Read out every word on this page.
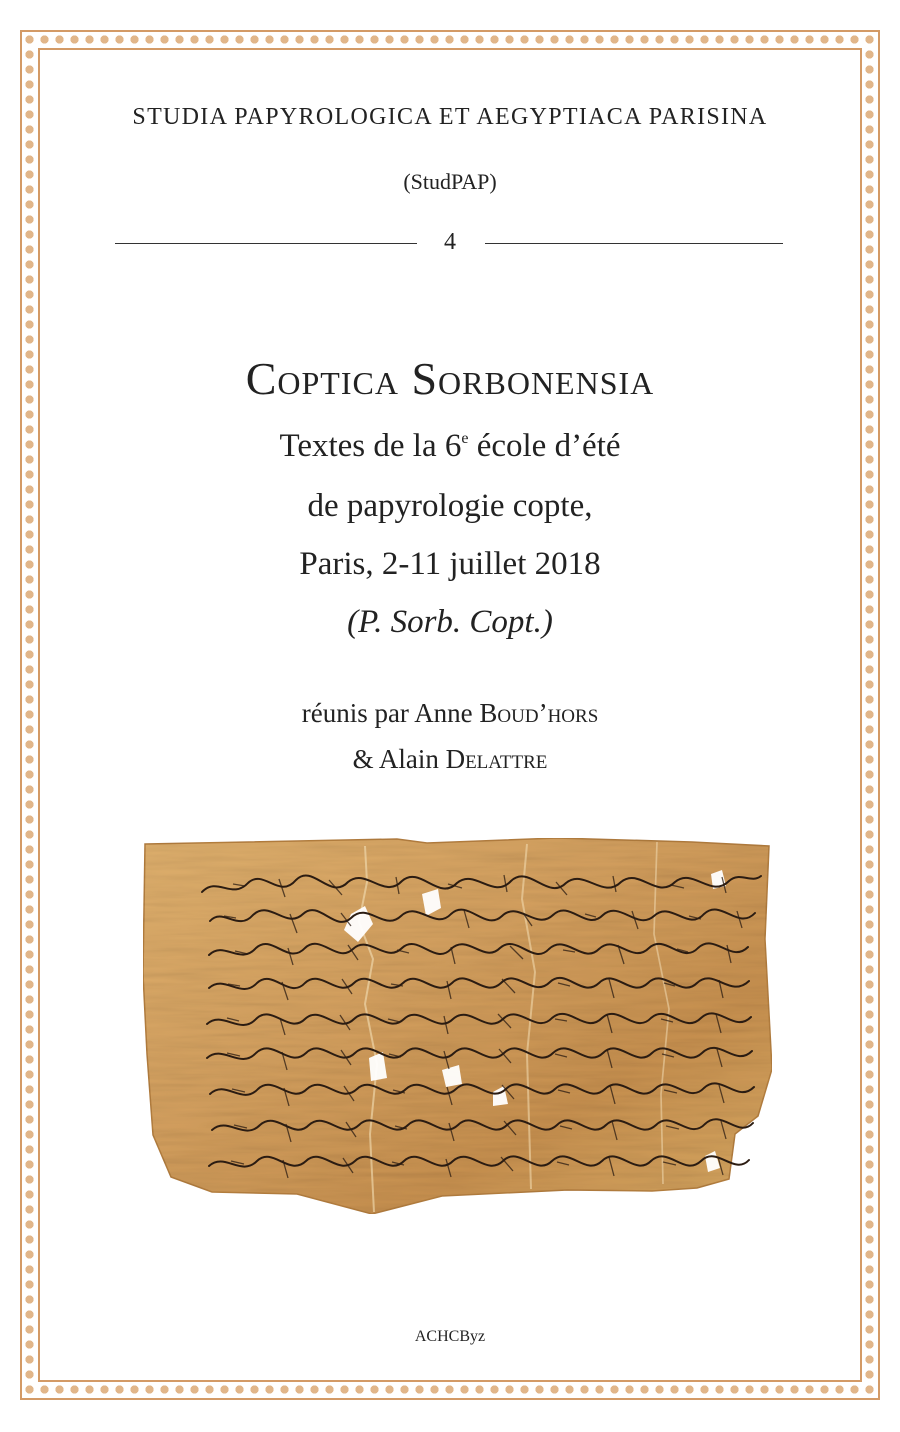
STUDIA PAPYROLOGICA ET AEGYPTIACA PARISINA
(StudPAP)
4
Coptica Sorbonensia
Textes de la 6e école d’été
de papyrologie copte,
Paris, 2-11 juillet 2018
(P. Sorb. Copt.)
réunis par Anne Boud’hors
& Alain Delattre
ACHCByz
